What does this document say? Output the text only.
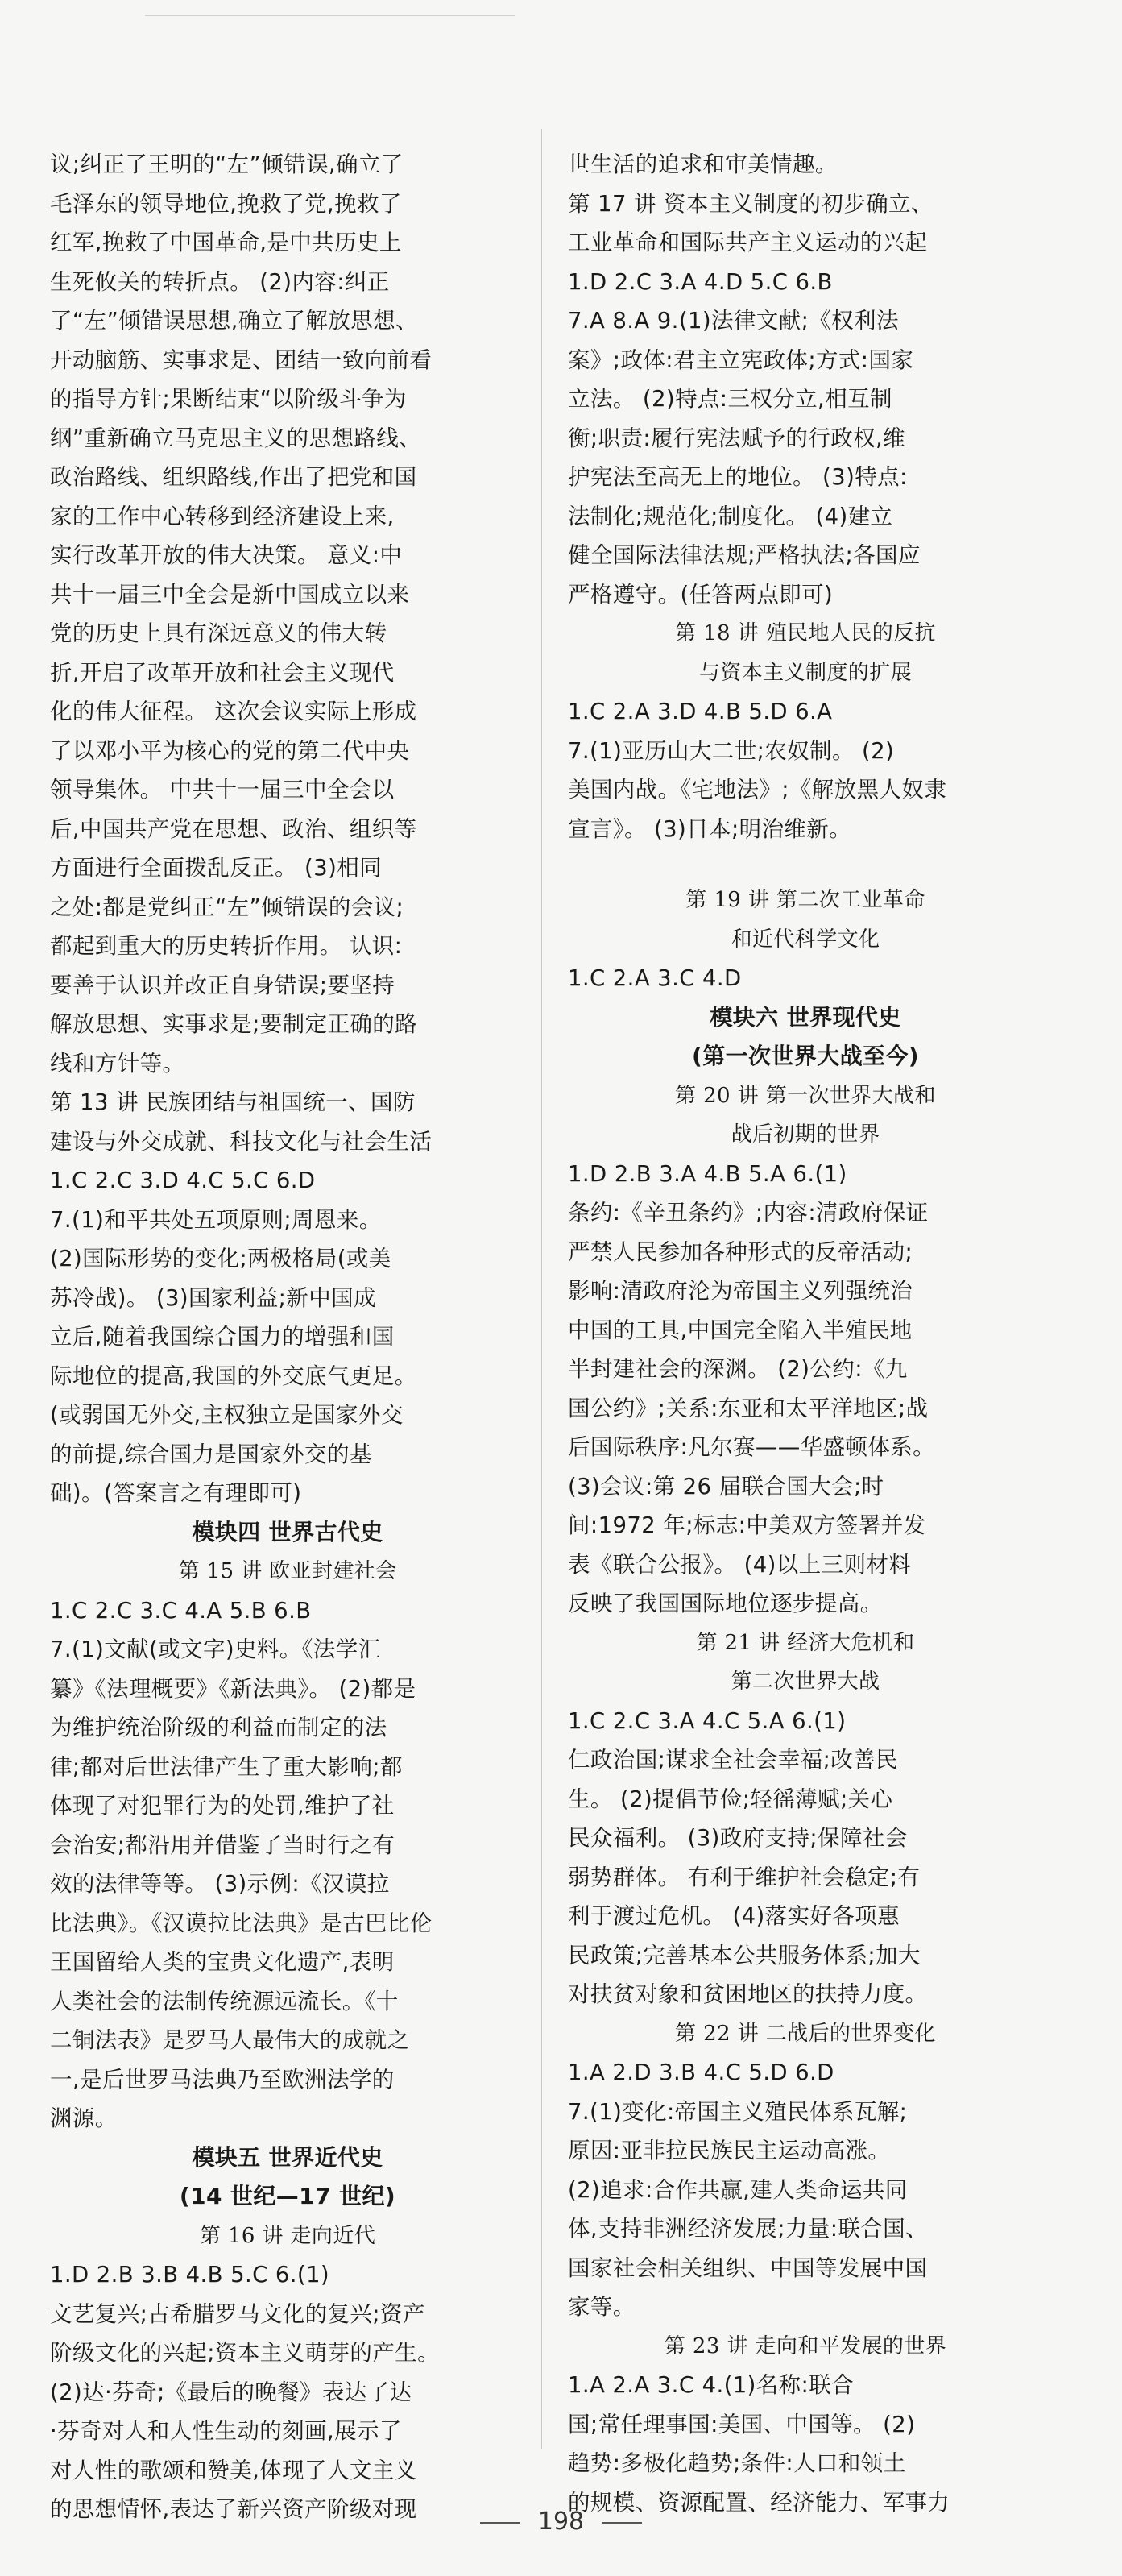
议;纠正了王明的“左”倾错误,确立了
毛泽东的领导地位,挽救了党,挽救了
红军,挽救了中国革命,是中共历史上
生死攸关的转折点。 (2)内容:纠正
了“左”倾错误思想,确立了解放思想、
开动脑筋、实事求是、团结一致向前看
的指导方针;果断结束“以阶级斗争为
纲”重新确立马克思主义的思想路线、
政治路线、组织路线,作出了把党和国
家的工作中心转移到经济建设上来,
实行改革开放的伟大决策。 意义:中
共十一届三中全会是新中国成立以来
党的历史上具有深远意义的伟大转
折,开启了改革开放和社会主义现代
化的伟大征程。 这次会议实际上形成
了以邓小平为核心的党的第二代中央
领导集体。 中共十一届三中全会以
后,中国共产党在思想、政治、组织等
方面进行全面拨乱反正。 (3)相同
之处:都是党纠正“左”倾错误的会议;
都起到重大的历史转折作用。 认识:
要善于认识并改正自身错误;要坚持
解放思想、实事求是;要制定正确的路
线和方针等。
第 13 讲 民族团结与祖国统一、国防
建设与外交成就、科技文化与社会生活
1.C 2.C 3.D 4.C 5.C 6.D
7.(1)和平共处五项原则;周恩来。
(2)国际形势的变化;两极格局(或美
苏冷战)。 (3)国家利益;新中国成
立后,随着我国综合国力的增强和国
际地位的提高,我国的外交底气更足。
(或弱国无外交,主权独立是国家外交
的前提,综合国力是国家外交的基
础)。(答案言之有理即可)
模块四 世界古代史
第 15 讲 欧亚封建社会
1.C 2.C 3.C 4.A 5.B 6.B
7.(1)文献(或文字)史料。《法学汇
纂》《法理概要》《新法典》。 (2)都是
为维护统治阶级的利益而制定的法
律;都对后世法律产生了重大影响;都
体现了对犯罪行为的处罚,维护了社
会治安;都沿用并借鉴了当时行之有
效的法律等等。 (3)示例:《汉谟拉
比法典》。《汉谟拉比法典》是古巴比伦
王国留给人类的宝贵文化遗产,表明
人类社会的法制传统源远流长。《十
二铜法表》是罗马人最伟大的成就之
一,是后世罗马法典乃至欧洲法学的
渊源。
模块五 世界近代史
(14 世纪—17 世纪)
第 16 讲 走向近代
1.D 2.B 3.B 4.B 5.C 6.(1)
文艺复兴;古希腊罗马文化的复兴;资产
阶级文化的兴起;资本主义萌芽的产生。
(2)达·芬奇;《最后的晚餐》表达了达
·芬奇对人和人性生动的刻画,展示了
对人性的歌颂和赞美,体现了人文主义
的思想情怀,表达了新兴资产阶级对现
世生活的追求和审美情趣。
第 17 讲 资本主义制度的初步确立、
工业革命和国际共产主义运动的兴起
1.D 2.C 3.A 4.D 5.C 6.B
7.A 8.A 9.(1)法律文献;《权利法
案》;政体:君主立宪政体;方式:国家
立法。 (2)特点:三权分立,相互制
衡;职责:履行宪法赋予的行政权,维
护宪法至高无上的地位。 (3)特点:
法制化;规范化;制度化。 (4)建立
健全国际法律法规;严格执法;各国应
严格遵守。(任答两点即可)
第 18 讲 殖民地人民的反抗
与资本主义制度的扩展
1.C 2.A 3.D 4.B 5.D 6.A
7.(1)亚历山大二世;农奴制。 (2)
美国内战。《宅地法》;《解放黑人奴隶
宣言》。 (3)日本;明治维新。
第 19 讲 第二次工业革命
和近代科学文化
1.C 2.A 3.C 4.D
模块六 世界现代史
(第一次世界大战至今)
第 20 讲 第一次世界大战和
战后初期的世界
1.D 2.B 3.A 4.B 5.A 6.(1)
条约:《辛丑条约》;内容:清政府保证
严禁人民参加各种形式的反帝活动;
影响:清政府沦为帝国主义列强统治
中国的工具,中国完全陷入半殖民地
半封建社会的深渊。 (2)公约:《九
国公约》;关系:东亚和太平洋地区;战
后国际秩序:凡尔赛——华盛顿体系。
(3)会议:第 26 届联合国大会;时
间:1972 年;标志:中美双方签署并发
表《联合公报》。 (4)以上三则材料
反映了我国国际地位逐步提高。
第 21 讲 经济大危机和
第二次世界大战
1.C 2.C 3.A 4.C 5.A 6.(1)
仁政治国;谋求全社会幸福;改善民
生。 (2)提倡节俭;轻徭薄赋;关心
民众福利。 (3)政府支持;保障社会
弱势群体。 有利于维护社会稳定;有
利于渡过危机。 (4)落实好各项惠
民政策;完善基本公共服务体系;加大
对扶贫对象和贫困地区的扶持力度。
第 22 讲 二战后的世界变化
1.A 2.D 3.B 4.C 5.D 6.D
7.(1)变化:帝国主义殖民体系瓦解;
原因:亚非拉民族民主运动高涨。
(2)追求:合作共赢,建人类命运共同
体,支持非洲经济发展;力量:联合国、
国家社会相关组织、中国等发展中国
家等。
第 23 讲 走向和平发展的世界
1.A 2.A 3.C 4.(1)名称:联合
国;常任理事国:美国、中国等。 (2)
趋势:多极化趋势;条件:人口和领土
的规模、资源配置、经济能力、军事力
198
